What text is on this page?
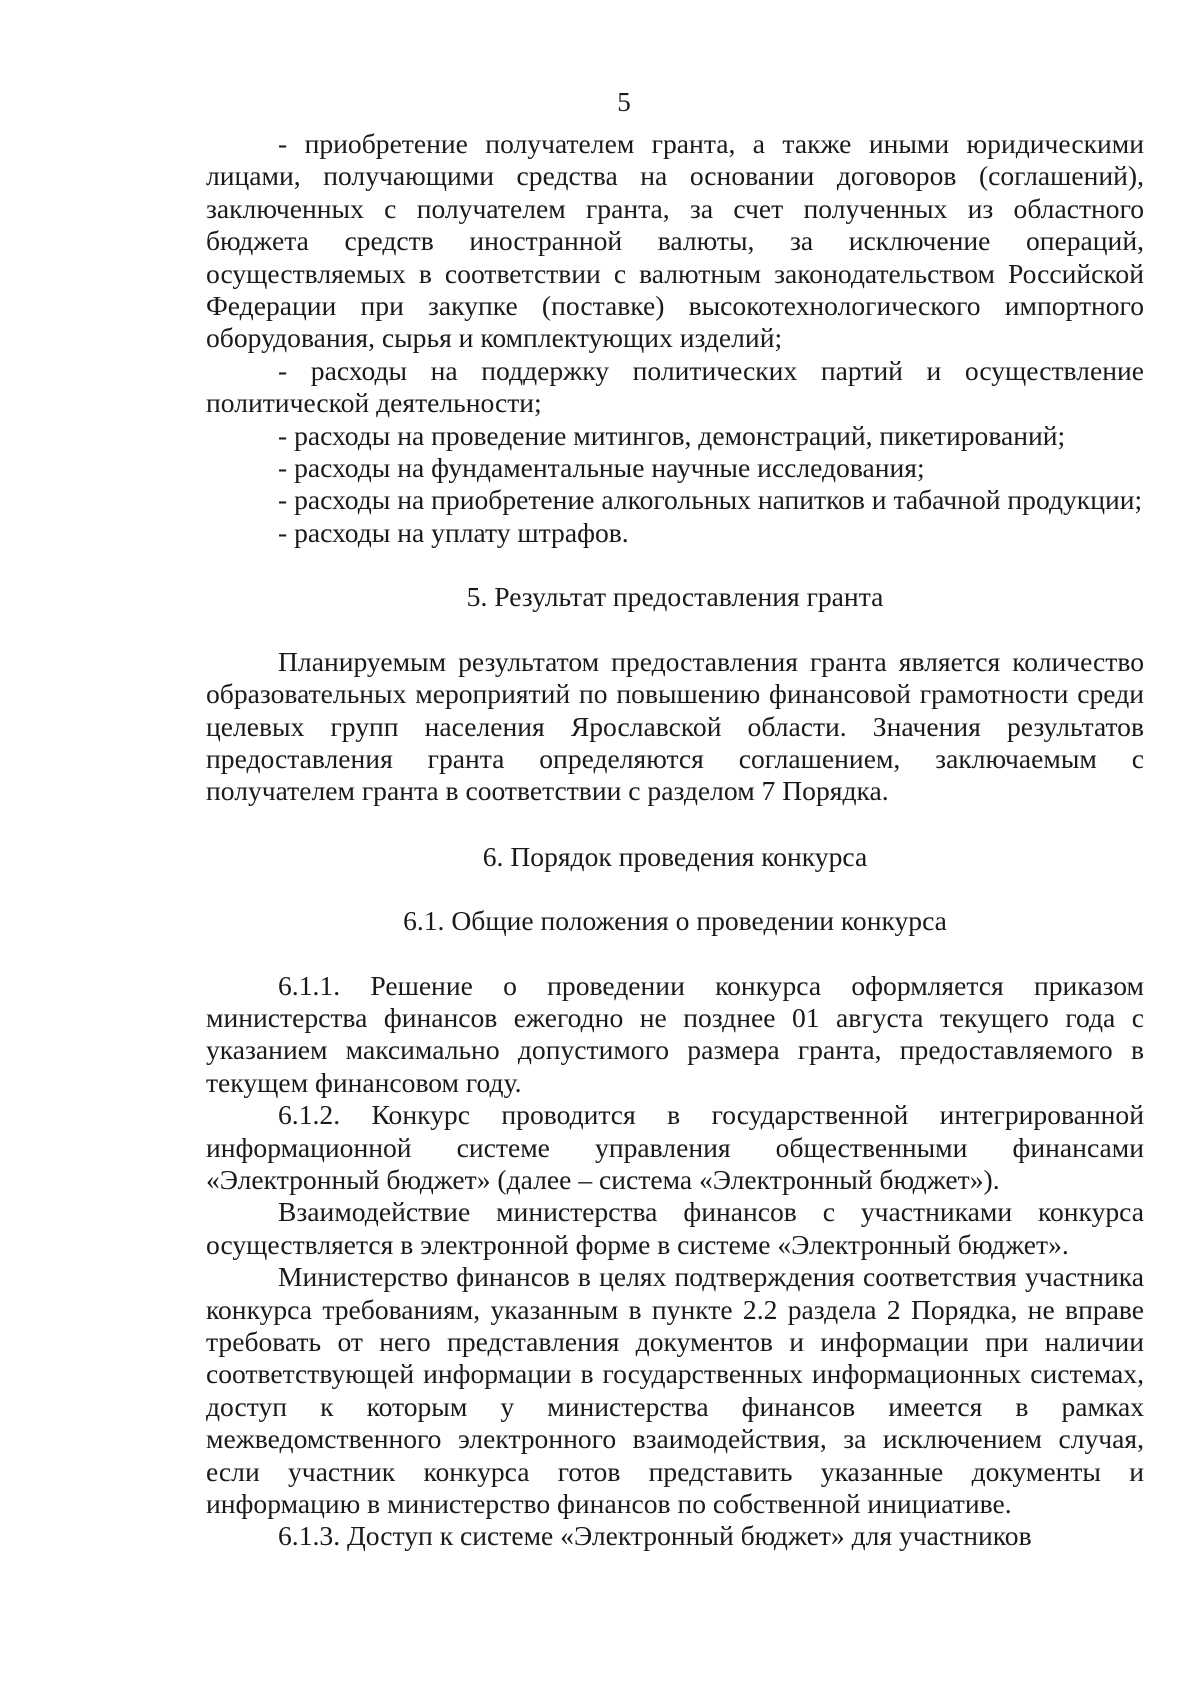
5

- приобретение получателем гранта, а также иными юридическими лицами, получающими средства на основании договоров (соглашений), заключенных с получателем гранта, за счет полученных из областного бюджета средств иностранной валюты, за исключение операций, осуществляемых в соответствии с валютным законодательством Российской Федерации при закупке (поставке) высокотехнологического импортного оборудования, сырья и комплектующих изделий;

- расходы на поддержку политических партий и осуществление политической деятельности;

- расходы на проведение митингов, демонстраций, пикетирований;

- расходы на фундаментальные научные исследования;

- расходы на приобретение алкогольных напитков и табачной продукции;

- расходы на уплату штрафов.

5. Результат предоставления гранта

Планируемым результатом предоставления гранта является количество образовательных мероприятий по повышению финансовой грамотности среди целевых групп населения Ярославской области. Значения результатов предоставления гранта определяются соглашением, заключаемым с получателем гранта в соответствии с разделом 7 Порядка.

6. Порядок проведения конкурса

6.1. Общие положения о проведении конкурса

6.1.1. Решение о проведении конкурса оформляется приказом министерства финансов ежегодно не позднее 01 августа текущего года с указанием максимально допустимого размера гранта, предоставляемого в текущем финансовом году.

6.1.2. Конкурс проводится в государственной интегрированной информационной системе управления общественными финансами «Электронный бюджет» (далее – система «Электронный бюджет»).

Взаимодействие министерства финансов с участниками конкурса осуществляется в электронной форме в системе «Электронный бюджет».

Министерство финансов в целях подтверждения соответствия участника конкурса требованиям, указанным в пункте 2.2 раздела 2 Порядка, не вправе требовать от него представления документов и информации при наличии соответствующей информации в государственных информационных системах, доступ к которым у министерства финансов имеется в рамках межведомственного электронного взаимодействия, за исключением случая, если участник конкурса готов представить указанные документы и информацию в министерство финансов по собственной инициативе.

6.1.3. Доступ к системе «Электронный бюджет» для участников
